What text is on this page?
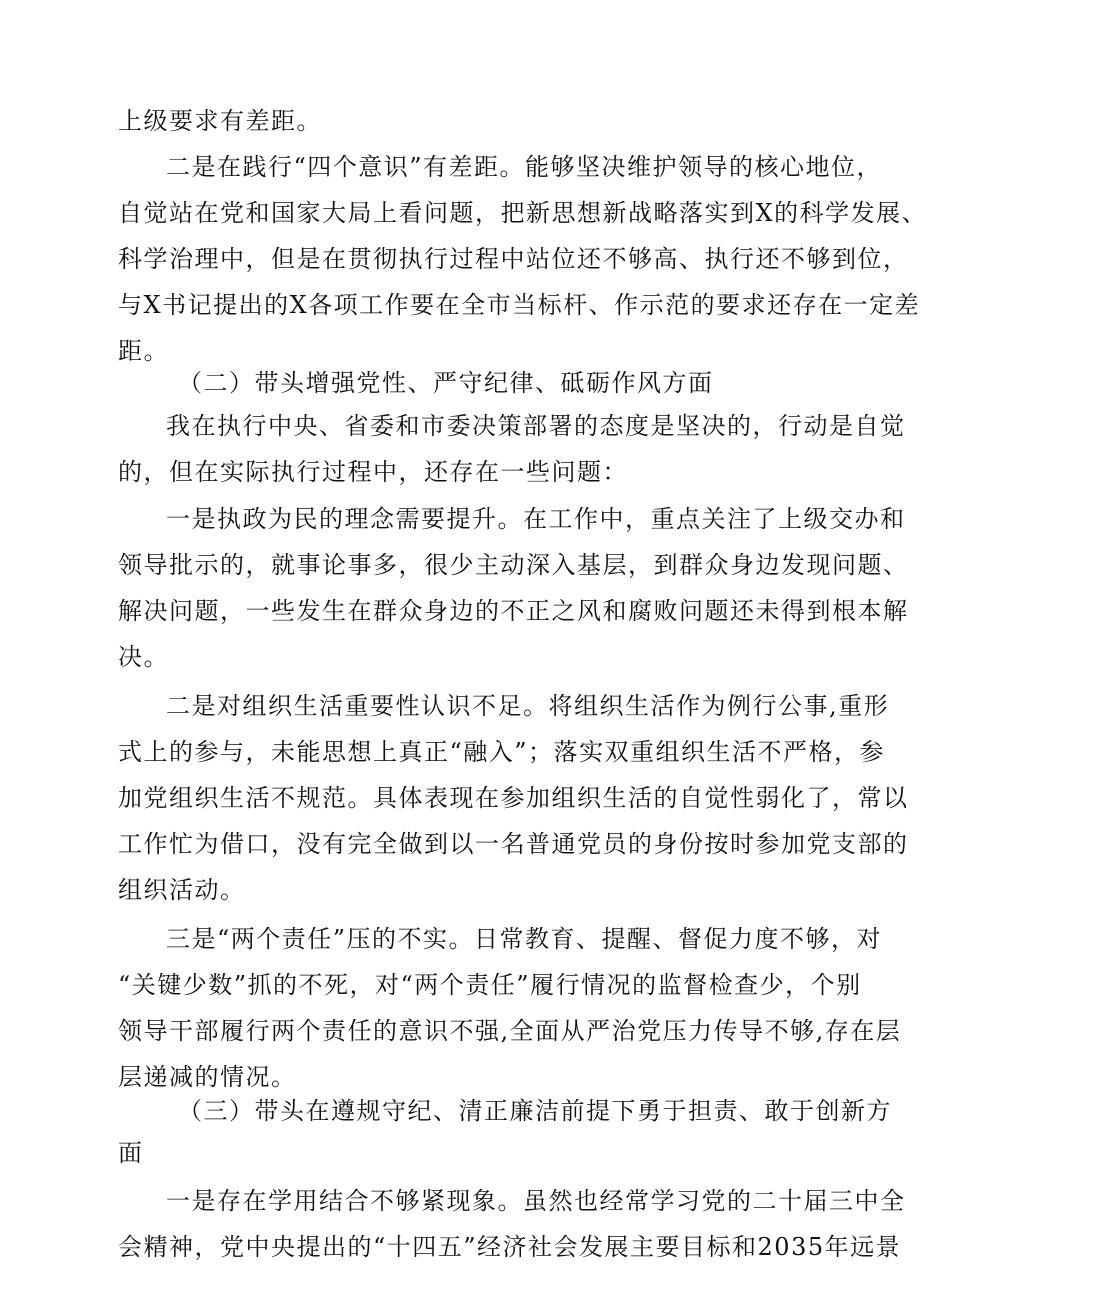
上级要求有差距。

二是在践行“四个意识”有差距。能够坚决维护领导的核心地位，

自觉站在党和国家大局上看问题，把新思想新战略落实到X的科学发展、

科学治理中，但是在贯彻执行过程中站位还不够高、执行还不够到位，

与X书记提出的X各项工作要在全市当标杆、作示范的要求还存在一定差

距。

（二）带头增强党性、严守纪律、砥砺作风方面

我在执行中央、省委和市委决策部署的态度是坚决的，行动是自觉

的，但在实际执行过程中，还存在一些问题：

一是执政为民的理念需要提升。在工作中，重点关注了上级交办和

领导批示的，就事论事多，很少主动深入基层，到群众身边发现问题、

解决问题，一些发生在群众身边的不正之风和腐败问题还未得到根本解

决。

二是对组织生活重要性认识不足。将组织生活作为例行公事,重形

式上的参与，未能思想上真正“融入”；落实双重组织生活不严格，参

加党组织生活不规范。具体表现在参加组织生活的自觉性弱化了，常以

工作忙为借口，没有完全做到以一名普通党员的身份按时参加党支部的

组织活动。

三是“两个责任”压的不实。日常教育、提醒、督促力度不够，对

“关键少数”抓的不死，对“两个责任”履行情况的监督检查少，个别

领导干部履行两个责任的意识不强,全面从严治党压力传导不够,存在层

层递减的情况。

（三）带头在遵规守纪、清正廉洁前提下勇于担责、敢于创新方

面

一是存在学用结合不够紧现象。虽然也经常学习党的二十届三中全

会精神，党中央提出的“十四五”经济社会发展主要目标和2035年远景
